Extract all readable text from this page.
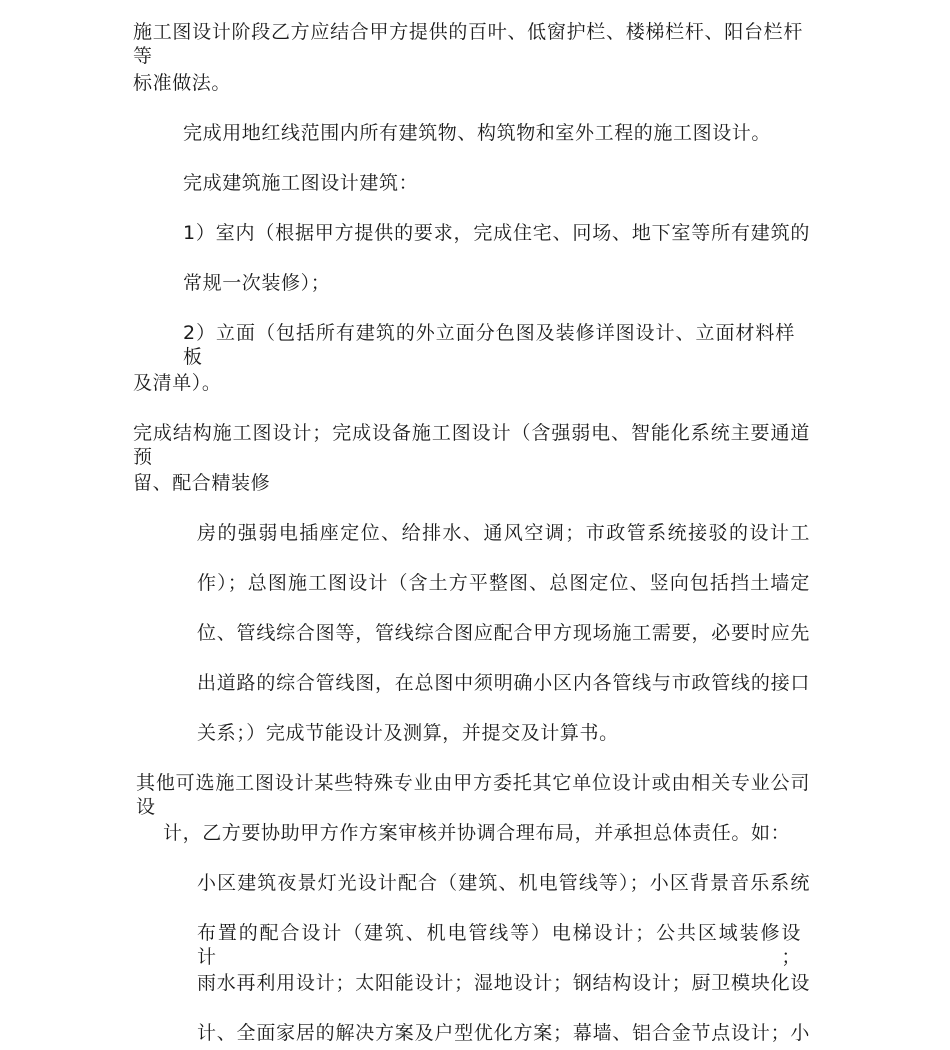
施工图设计阶段乙方应结合甲方提供的百叶、低窗护栏、楼梯栏杆、阳台栏杆等
标准做法。
完成用地红线范围内所有建筑物、构筑物和室外工程的施工图设计。
完成建筑施工图设计建筑：
1）室内（根据甲方提供的要求，完成住宅、冋场、地下室等所有建筑的
常规一次装修）；
2）立面（包括所有建筑的外立面分色图及装修详图设计、立面材料样板
及清单）。
完成结构施工图设计；完成设备施工图设计（含强弱电、智能化系统主要通道预
留、配合精装修
房的强弱电插座定位、给排水、通风空调；市政管系统接驳的设计工
作）；总图施工图设计（含土方平整图、总图定位、竖向包括挡土墙定
位、管线综合图等，管线综合图应配合甲方现场施工需要，必要时应先
出道路的综合管线图，在总图中须明确小区内各管线与市政管线的接口
关系；）完成节能设计及测算，并提交及计算书。
其他可选施工图设计某些特殊专业由甲方委托其它单位设计或由相关专业公司设
计，乙方要协助甲方作方案审核并协调合理布局，并承担总体责任。如：
小区建筑夜景灯光设计配合（建筑、机电管线等）；小区背景音乐系统
布置的配合设计（建筑、机电管线等）电梯设计；公共区域装修设计；
雨水再利用设计；太阳能设计；湿地设计；钢结构设计；厨卫模块化设
计、全面家居的解决方案及户型优化方案；幕墙、铝合金节点设计；小
